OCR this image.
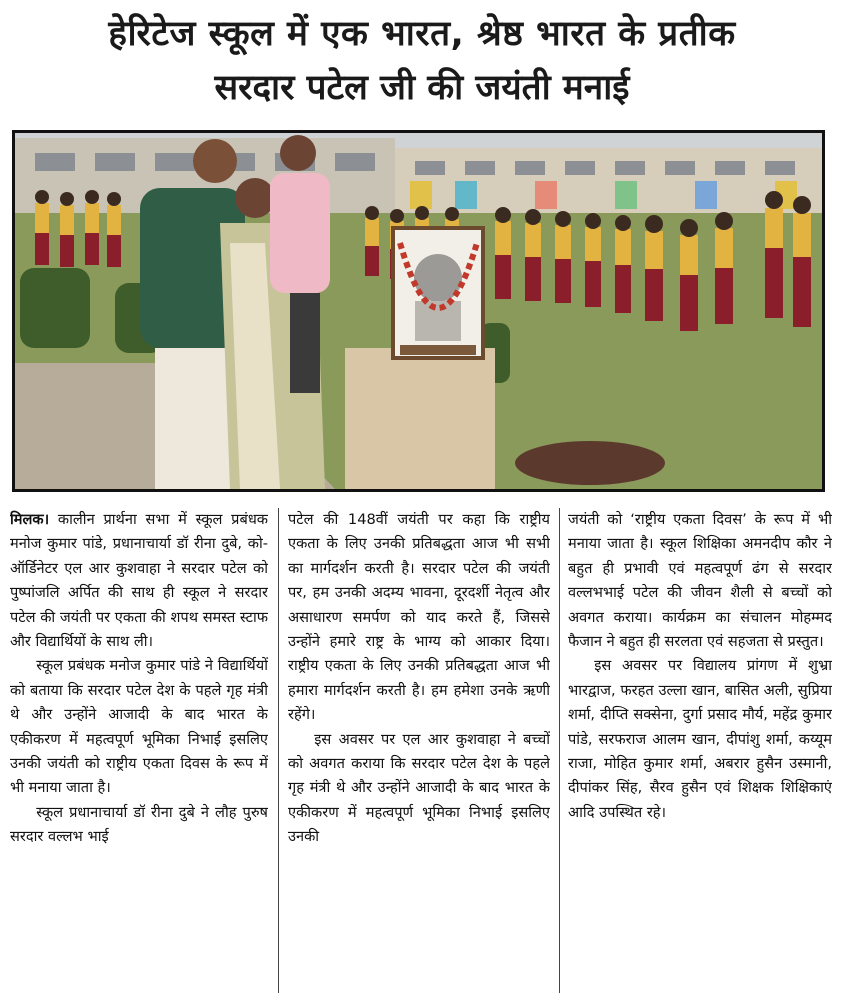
हेरिटेज स्कूल में एक भारत, श्रेष्ठ भारत के प्रतीक
सरदार पटेल जी की जयंती मनाई

मिलक। कालीन प्रार्थना सभा में स्कूल प्रबंधक मनोज कुमार पांडे, प्रधानाचार्या डॉ रीना दुबे, को-ऑर्डिनेटर एल आर कुशवाहा ने सरदार पटेल को पुष्पांजलि अर्पित की साथ ही स्कूल ने सरदार पटेल की जयंती पर एकता की शपथ समस्त स्टाफ और विद्यार्थियों के साथ ली।

स्कूल प्रबंधक मनोज कुमार पांडे ने विद्यार्थियों को बताया कि सरदार पटेल देश के पहले गृह मंत्री थे और उन्होंने आजादी के बाद भारत के एकीकरण में महत्वपूर्ण भूमिका निभाई इसलिए उनकी जयंती को राष्ट्रीय एकता दिवस के रूप में भी मनाया जाता है।

स्कूल प्रधानाचार्या डॉ रीना दुबे ने लौह पुरुष सरदार वल्लभ भाई

पटेल की 148वीं जयंती पर कहा कि राष्ट्रीय एकता के लिए उनकी प्रतिबद्धता आज भी सभी का मार्गदर्शन करती है। सरदार पटेल की जयंती पर, हम उनकी अदम्य भावना, दूरदर्शी नेतृत्व और असाधारण समर्पण को याद करते हैं, जिससे उन्होंने हमारे राष्ट्र के भाग्य को आकार दिया। राष्ट्रीय एकता के लिए उनकी प्रतिबद्धता आज भी हमारा मार्गदर्शन करती है। हम हमेशा उनके ऋणी रहेंगे।

इस अवसर पर एल आर कुशवाहा ने बच्चों को अवगत कराया कि सरदार पटेल देश के पहले गृह मंत्री थे और उन्होंने आजादी के बाद भारत के एकीकरण में महत्वपूर्ण भूमिका निभाई इसलिए उनकी

जयंती को ‘राष्ट्रीय एकता दिवस’ के रूप में भी मनाया जाता है। स्कूल शिक्षिका अमनदीप कौर ने बहुत ही प्रभावी एवं महत्वपूर्ण ढंग से सरदार वल्लभभाई पटेल की जीवन शैली से बच्चों को अवगत कराया। कार्यक्रम का संचालन मोहम्मद फैजान ने बहुत ही सरलता एवं सहजता से प्रस्तुत।

इस अवसर पर विद्यालय प्रांगण में शुभ्रा भारद्वाज, फरहत उल्ला खान, बासित अली, सुप्रिया शर्मा, दीप्ति सक्सेना, दुर्गा प्रसाद मौर्य, महेंद्र कुमार पांडे, सरफराज आलम खान, दीपांशु शर्मा, कय्यूम राजा, मोहित कुमार शर्मा, अबरार हुसैन उस्मानी, दीपांकर सिंह, सैरव हुसैन एवं शिक्षक शिक्षिकाएं आदि उपस्थित रहे।
